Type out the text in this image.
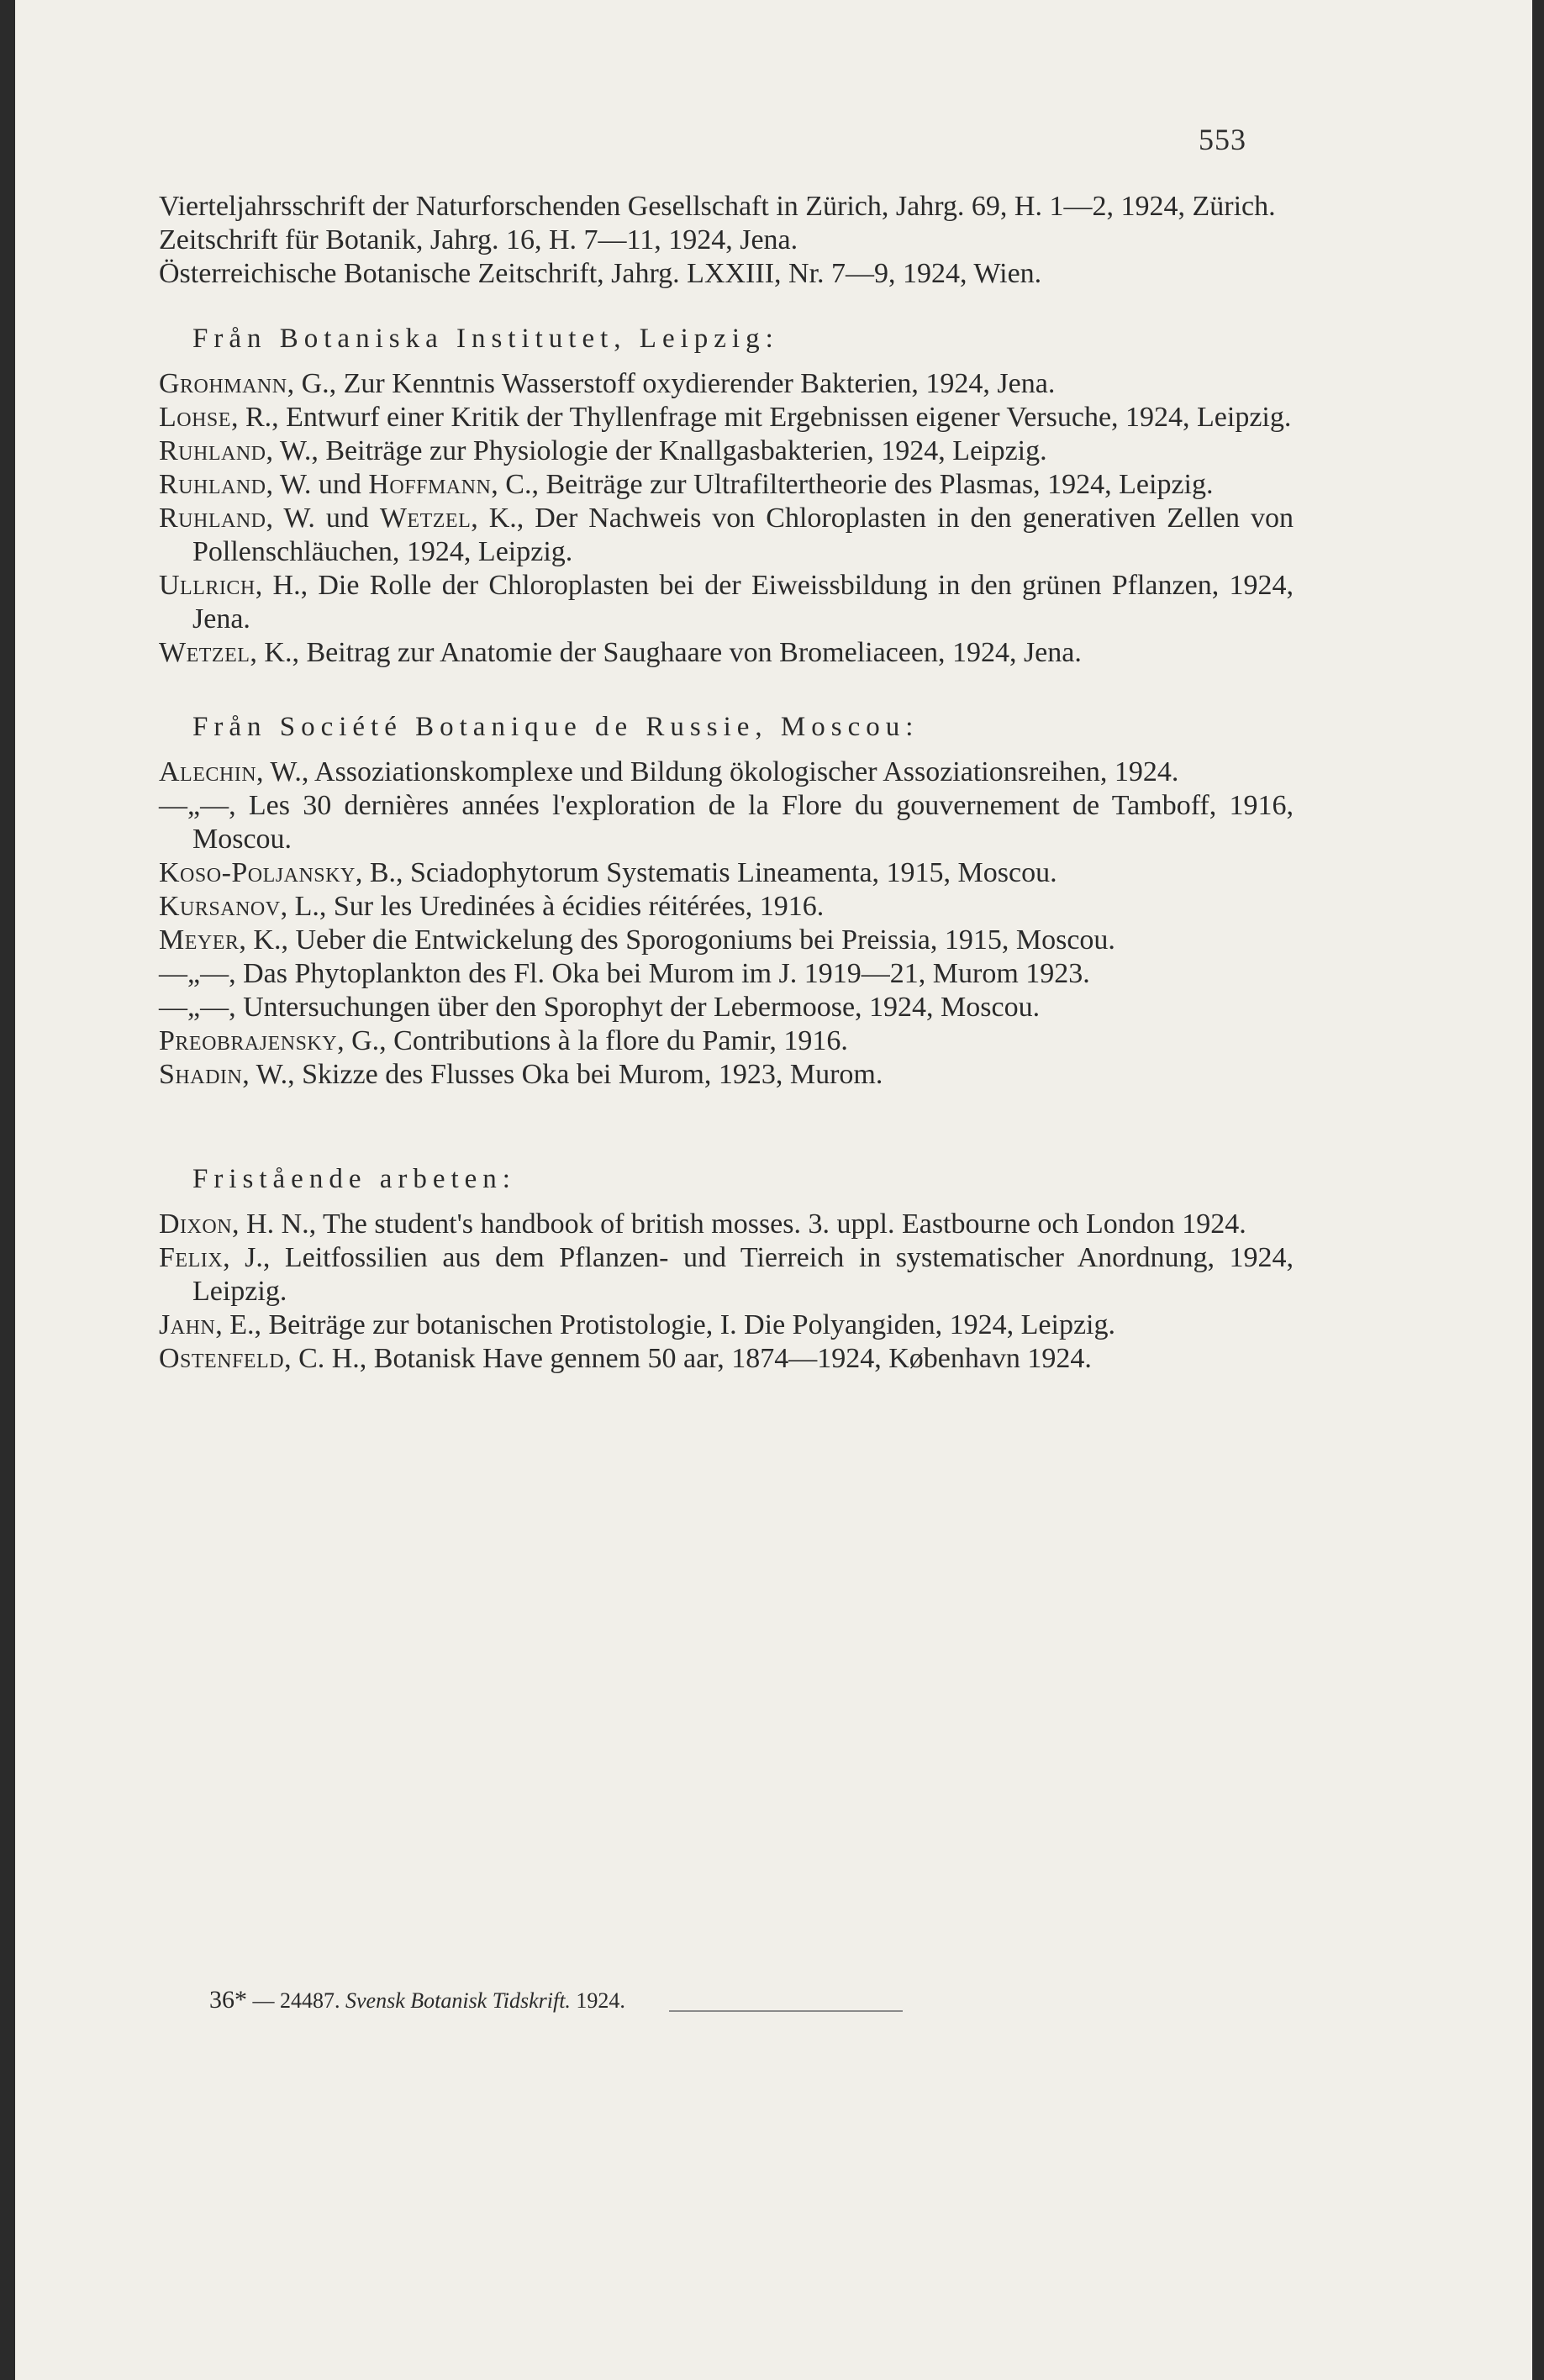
553

Vierteljahrsschrift der Naturforschenden Gesellschaft in Zürich, Jahrg. 69, H. 1—2, 1924, Zürich.

Zeitschrift für Botanik, Jahrg. 16, H. 7—11, 1924, Jena.

Österreichische Botanische Zeitschrift, Jahrg. LXXIII, Nr. 7—9, 1924, Wien.

Från Botaniska Institutet, Leipzig:

Grohmann, G., Zur Kenntnis Wasserstoff oxydierender Bakterien, 1924, Jena.

Lohse, R., Entwurf einer Kritik der Thyllenfrage mit Ergebnissen eigener Versuche, 1924, Leipzig.

Ruhland, W., Beiträge zur Physiologie der Knallgasbakterien, 1924, Leipzig.

Ruhland, W. und Hoffmann, C., Beiträge zur Ultrafiltertheorie des Plasmas, 1924, Leipzig.

Ruhland, W. und Wetzel, K., Der Nachweis von Chloroplasten in den generativen Zellen von Pollenschläuchen, 1924, Leipzig.

Ullrich, H., Die Rolle der Chloroplasten bei der Eiweissbildung in den grünen Pflanzen, 1924, Jena.

Wetzel, K., Beitrag zur Anatomie der Saughaare von Bromeliaceen, 1924, Jena.

Från Société Botanique de Russie, Moscou:

Alechin, W., Assoziationskomplexe und Bildung ökologischer Assoziationsreihen, 1924.

—„—, Les 30 dernières années l'exploration de la Flore du gouvernement de Tamboff, 1916, Moscou.

Koso-Poljansky, B., Sciadophytorum Systematis Lineamenta, 1915, Moscou.

Kursanov, L., Sur les Uredinées à écidies réitérées, 1916.

Meyer, K., Ueber die Entwickelung des Sporogoniums bei Preissia, 1915, Moscou.

—„—, Das Phytoplankton des Fl. Oka bei Murom im J. 1919—21, Murom 1923.

—„—, Untersuchungen über den Sporophyt der Lebermoose, 1924, Moscou.

Preobrajensky, G., Contributions à la flore du Pamir, 1916.

Shadin, W., Skizze des Flusses Oka bei Murom, 1923, Murom.

Fristående arbeten:

Dixon, H. N., The student's handbook of british mosses. 3. uppl. Eastbourne och London 1924.

Felix, J., Leitfossilien aus dem Pflanzen- und Tierreich in systematischer Anordnung, 1924, Leipzig.

Jahn, E., Beiträge zur botanischen Protistologie, I. Die Polyangiden, 1924, Leipzig.

Ostenfeld, C. H., Botanisk Have gennem 50 aar, 1874—1924, København 1924.

36* — 24487. Svensk Botanisk Tidskrift. 1924.
